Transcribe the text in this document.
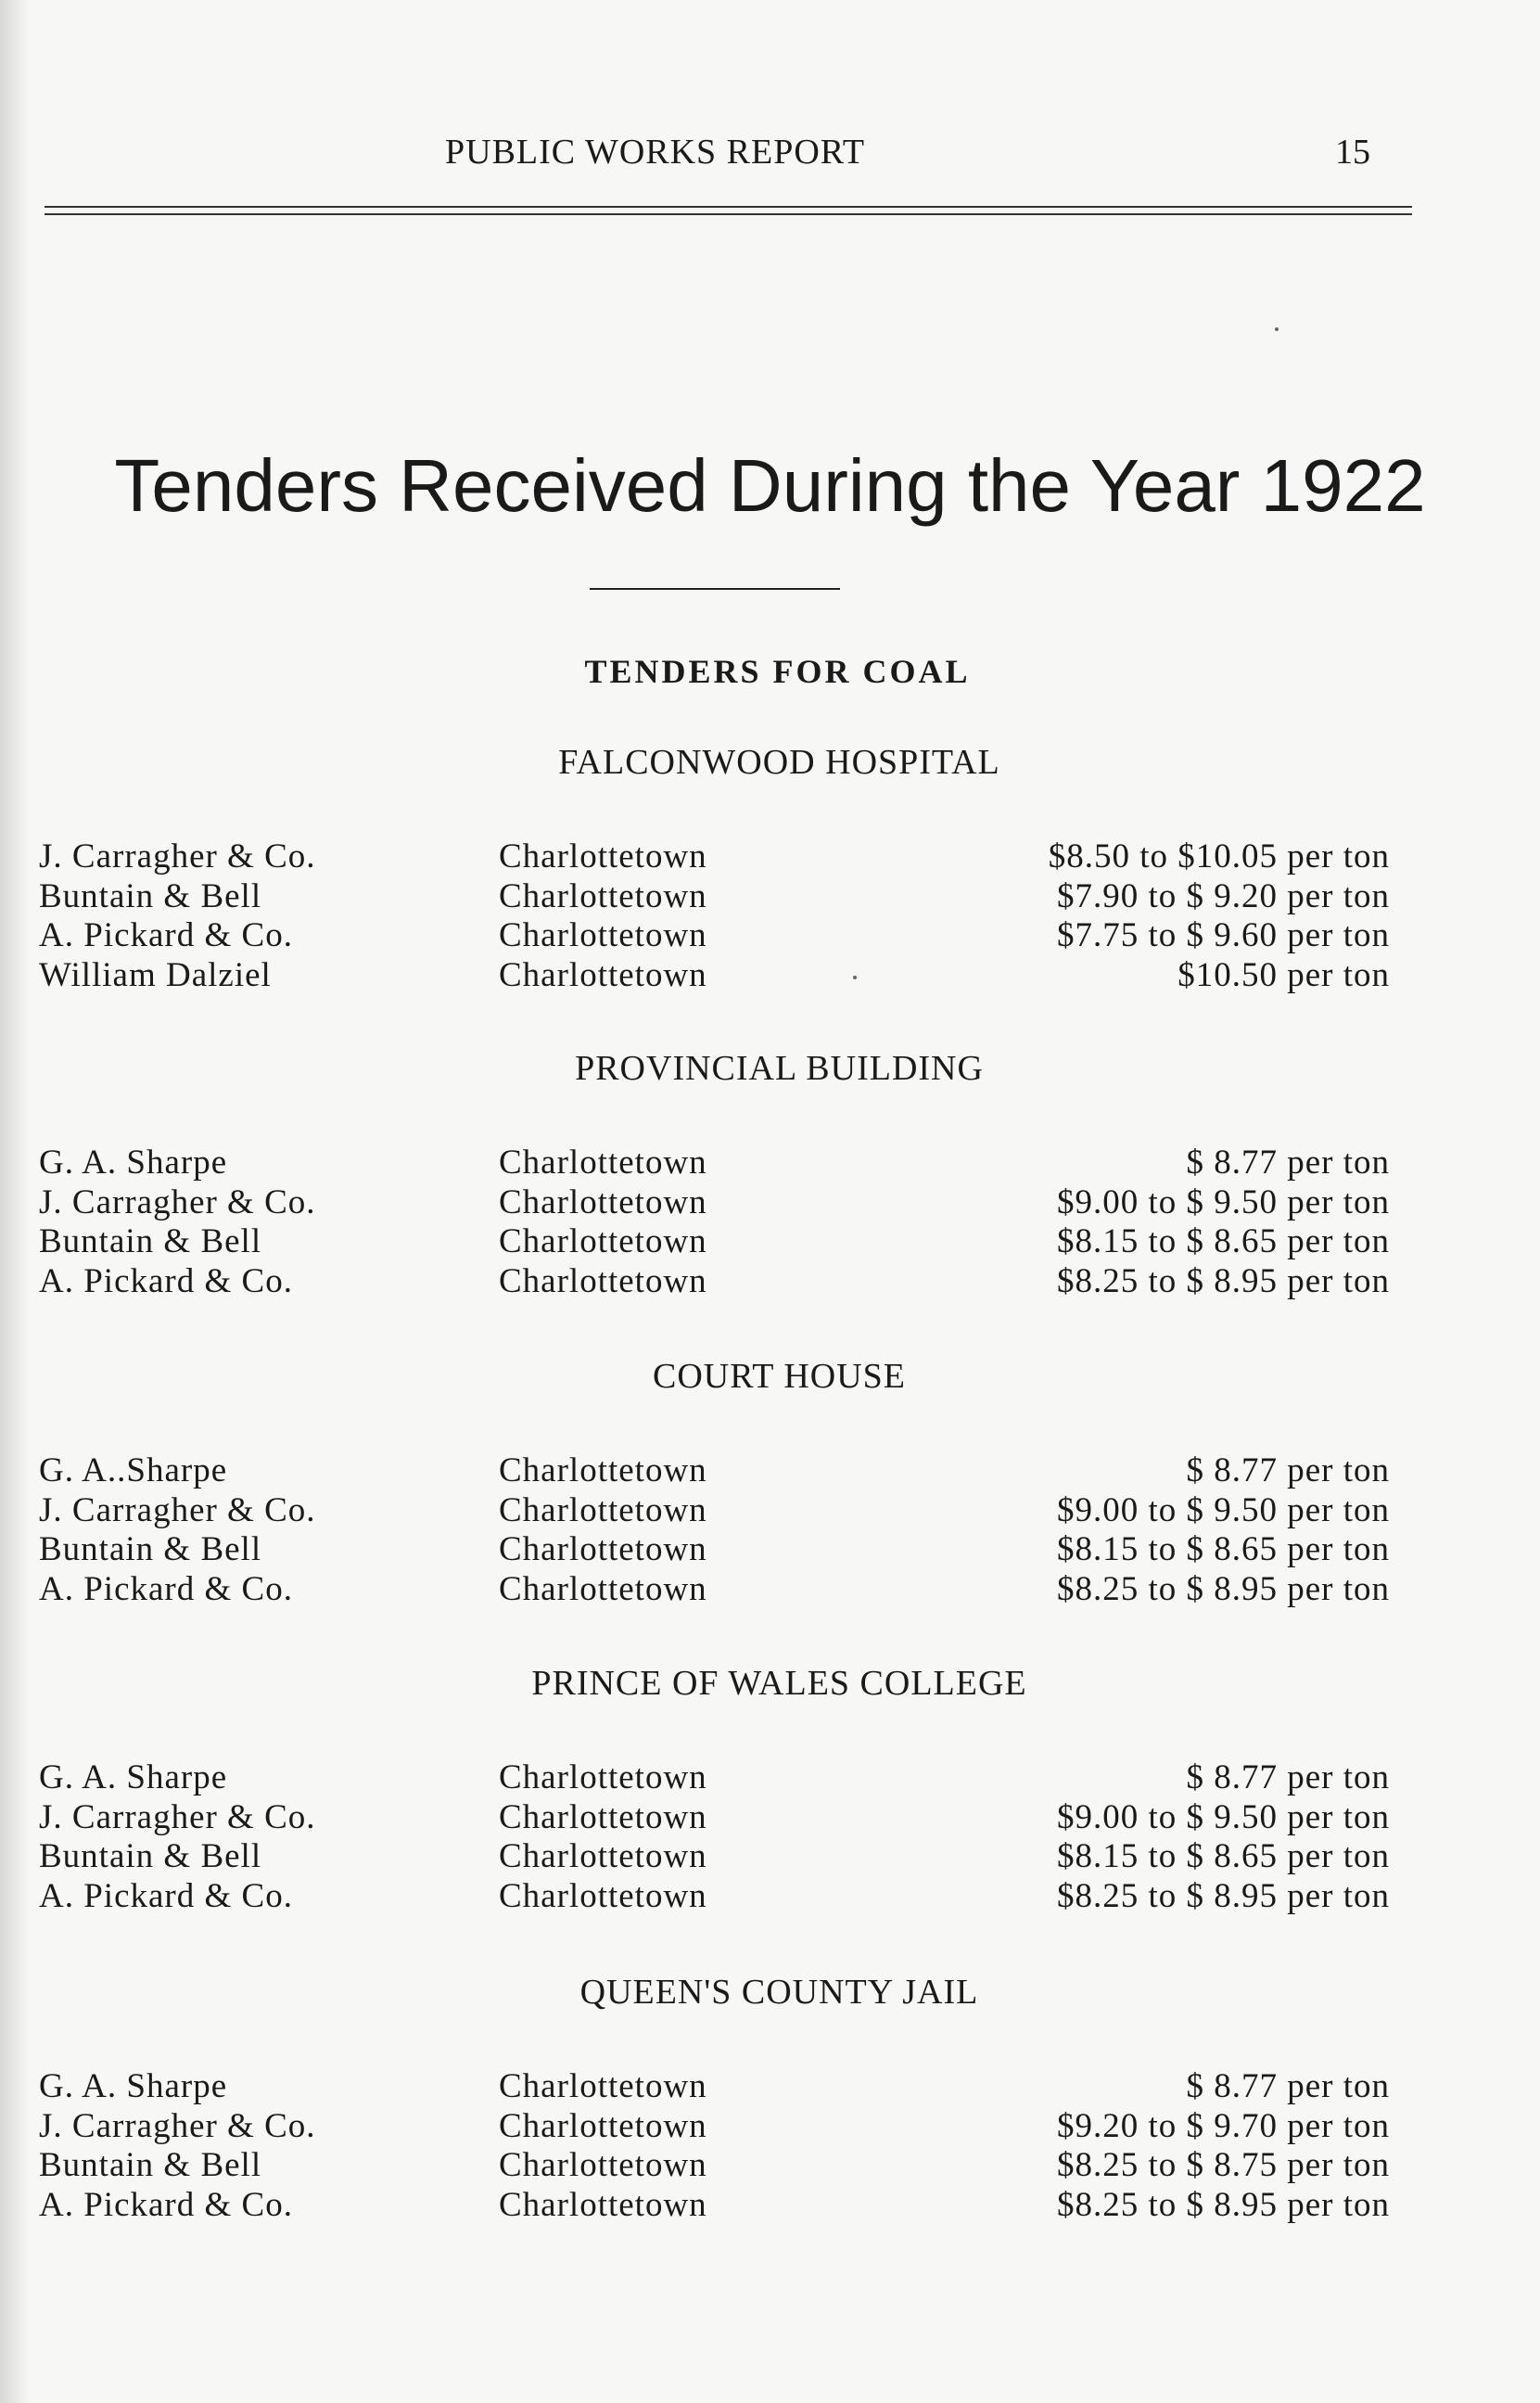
PUBLIC WORKS REPORT	15
Tenders Received During the Year 1922
TENDERS FOR COAL
FALCONWOOD HOSPITAL
J. Carragher & Co.	Charlottetown	$8.50 to $10.05 per ton
Buntain & Bell	Charlottetown	$7.90 to $ 9.20 per ton
A. Pickard & Co.	Charlottetown	$7.75 to $ 9.60 per ton
William Dalziel	Charlottetown	$10.50 per ton
PROVINCIAL BUILDING
G. A. Sharpe	Charlottetown	$ 8.77 per ton
J. Carragher & Co.	Charlottetown	$9.00 to $ 9.50 per ton
Buntain & Bell	Charlottetown	$8.15 to $ 8.65 per ton
A. Pickard & Co.	Charlottetown	$8.25 to $ 8.95 per ton
COURT HOUSE
G. A..Sharpe	Charlottetown	$ 8.77 per ton
J. Carragher & Co.	Charlottetown	$9.00 to $ 9.50 per ton
Buntain & Bell	Charlottetown	$8.15 to $ 8.65 per ton
A. Pickard & Co.	Charlottetown	$8.25 to $ 8.95 per ton
PRINCE OF WALES COLLEGE
G. A. Sharpe	Charlottetown	$ 8.77 per ton
J. Carragher & Co.	Charlottetown	$9.00 to $ 9.50 per ton
Buntain & Bell	Charlottetown	$8.15 to $ 8.65 per ton
A. Pickard & Co.	Charlottetown	$8.25 to $ 8.95 per ton
QUEEN'S COUNTY JAIL
G. A. Sharpe	Charlottetown	$ 8.77 per ton
J. Carragher & Co.	Charlottetown	$9.20 to $ 9.70 per ton
Buntain & Bell	Charlottetown	$8.25 to $ 8.75 per ton
A. Pickard & Co.	Charlottetown	$8.25 to $ 8.95 per ton
